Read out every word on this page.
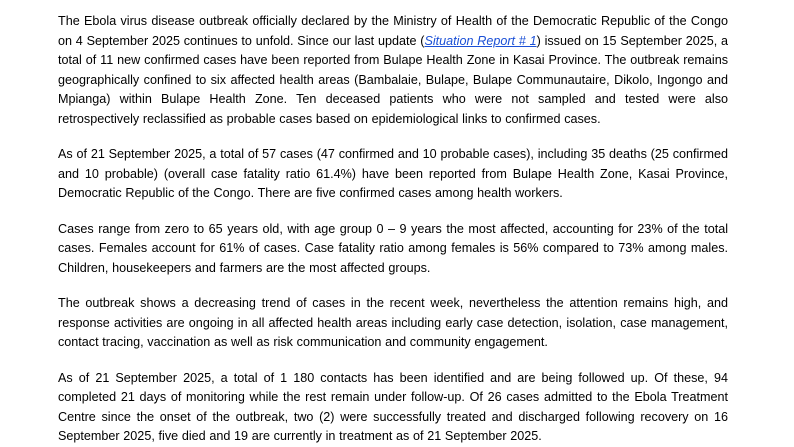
The Ebola virus disease outbreak officially declared by the Ministry of Health of the Democratic Republic of the Congo on 4 September 2025 continues to unfold. Since our last update (Situation Report # 1) issued on 15 September 2025, a total of 11 new confirmed cases have been reported from Bulape Health Zone in Kasai Province. The outbreak remains geographically confined to six affected health areas (Bambalaie, Bulape, Bulape Communautaire, Dikolo, Ingongo and Mpianga) within Bulape Health Zone. Ten deceased patients who were not sampled and tested were also retrospectively reclassified as probable cases based on epidemiological links to confirmed cases.

As of 21 September 2025, a total of 57 cases (47 confirmed and 10 probable cases), including 35 deaths (25 confirmed and 10 probable) (overall case fatality ratio 61.4%) have been reported from Bulape Health Zone, Kasai Province, Democratic Republic of the Congo. There are five confirmed cases among health workers.

Cases range from zero to 65 years old, with age group 0 – 9 years the most affected, accounting for 23% of the total cases. Females account for 61% of cases. Case fatality ratio among females is 56% compared to 73% among males. Children, housekeepers and farmers are the most affected groups.

The outbreak shows a decreasing trend of cases in the recent week, nevertheless the attention remains high, and response activities are ongoing in all affected health areas including early case detection, isolation, case management, contact tracing, vaccination as well as risk communication and community engagement.

As of 21 September 2025, a total of 1 180 contacts has been identified and are being followed up. Of these, 94 completed 21 days of monitoring while the rest remain under follow-up. Of 26 cases admitted to the Ebola Treatment Centre since the onset of the outbreak, two (2) were successfully treated and discharged following recovery on 16 September 2025, five died and 19 are currently in treatment as of 21 September 2025.
